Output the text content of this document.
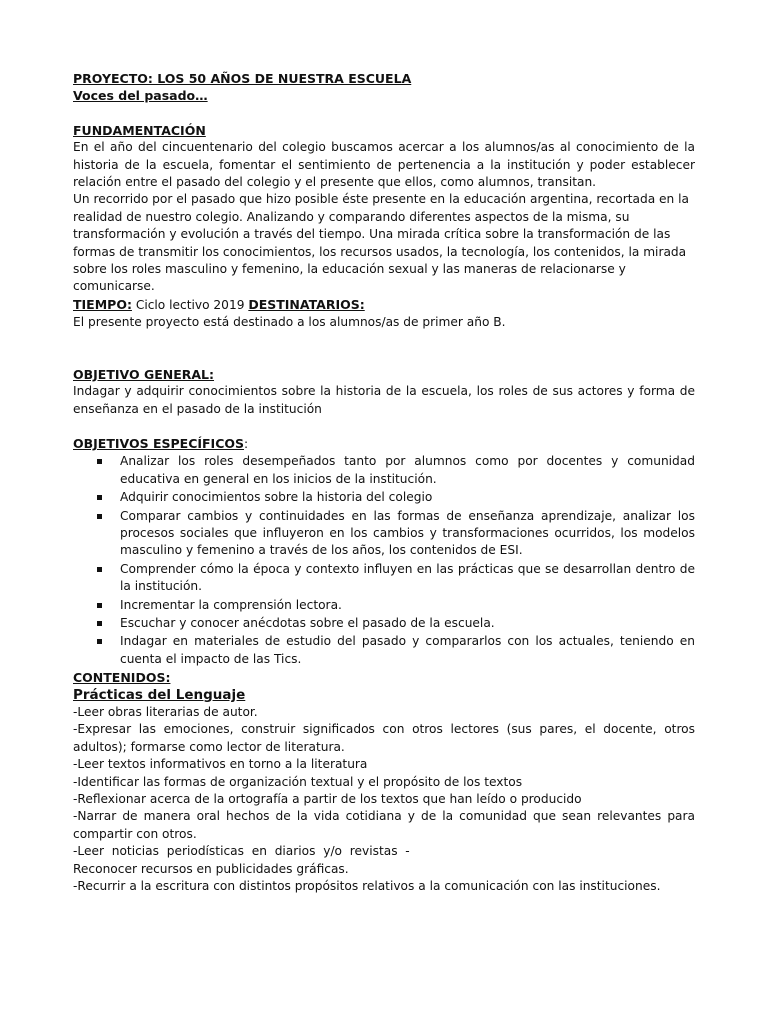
PROYECTO: LOS 50 AÑOS DE NUESTRA ESCUELA

Voces del pasado…

FUNDAMENTACIÓN

En el año del cincuentenario del colegio buscamos acercar a los alumnos/as al conocimiento de la historia de la escuela, fomentar el sentimiento de pertenencia a la institución y poder establecer relación entre el pasado del colegio y el presente que ellos, como alumnos, transitan.

Un recorrido por el pasado que hizo posible éste presente en la educación argentina, recortada en la realidad de nuestro colegio. Analizando y comparando diferentes aspectos de la misma, su transformación y evolución a través del tiempo. Una mirada crítica sobre la transformación de las formas de transmitir los conocimientos, los recursos usados, la tecnología, los contenidos, la mirada sobre los roles masculino y femenino, la educación sexual y las maneras de relacionarse y comunicarse.

TIEMPO: Ciclo lectivo 2019 DESTINATARIOS:

El presente proyecto está destinado a los alumnos/as de primer año B.

OBJETIVO GENERAL:

Indagar y adquirir conocimientos sobre la historia de la escuela, los roles de sus actores y forma de enseñanza en el pasado de la institución

OBJETIVOS ESPECÍFICOS:

Analizar los roles desempeñados tanto por alumnos como por docentes y comunidad educativa en general en los inicios de la institución.
Adquirir conocimientos sobre la historia del colegio
Comparar cambios y continuidades en las formas de enseñanza aprendizaje, analizar los procesos sociales que influyeron en los cambios y transformaciones ocurridos, los modelos masculino y femenino a través de los años, los contenidos de ESI.
Comprender cómo la época y contexto influyen en las prácticas que se desarrollan dentro de la institución.
Incrementar la comprensión lectora.
Escuchar y conocer anécdotas sobre el pasado de la escuela.
Indagar en materiales de estudio del pasado y compararlos con los actuales, teniendo en cuenta el impacto de las Tics.

CONTENIDOS:

Prácticas del Lenguaje

-Leer obras literarias de autor.

-Expresar las emociones, construir significados con otros lectores (sus pares, el docente, otros adultos); formarse como lector de literatura.

-Leer textos informativos en torno a la literatura

-Identificar las formas de organización textual y el propósito de los textos

-Reflexionar acerca de la ortografía a partir de los textos que han leído o producido

-Narrar de manera oral hechos de la vida cotidiana y de la comunidad que sean relevantes para compartir con otros.

-Leer  noticias  periodísticas  en  diarios  y/o  revistas  -

Reconocer recursos en publicidades gráficas.

-Recurrir a la escritura con distintos propósitos relativos a la comunicación con las instituciones.
